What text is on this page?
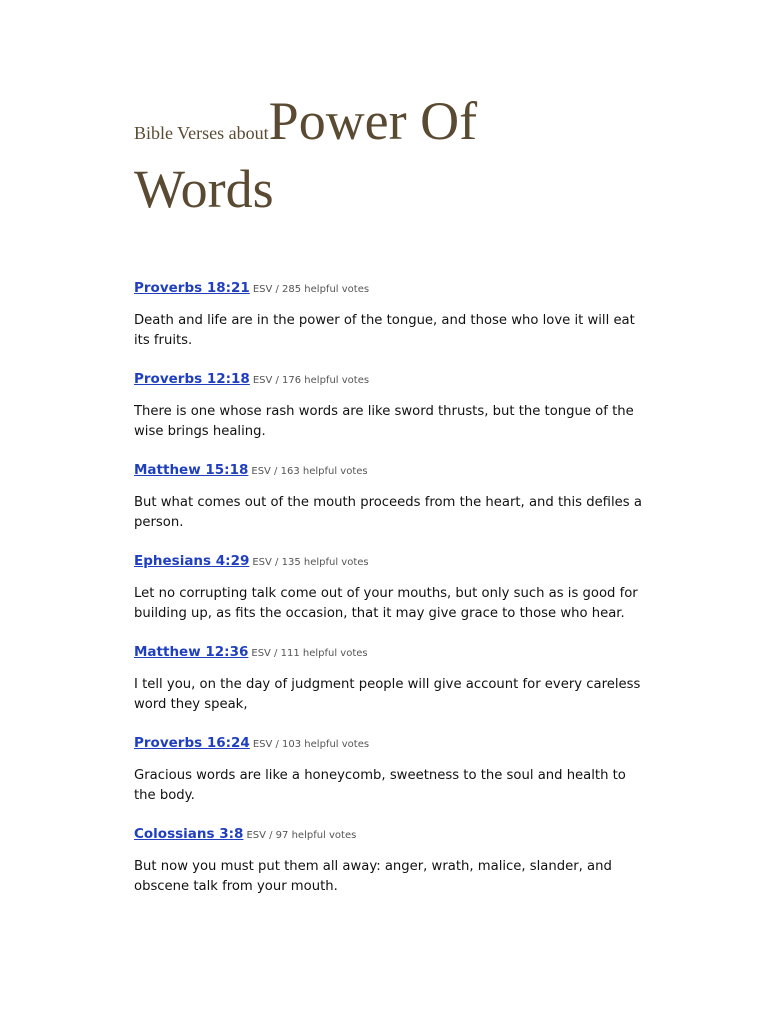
Bible Verses aboutPower Of
Words
Proverbs 18:21 ESV / 285 helpful votes

Death and life are in the power of the tongue, and those who love it will eat its fruits.

Proverbs 12:18 ESV / 176 helpful votes

There is one whose rash words are like sword thrusts, but the tongue of the wise brings healing.

Matthew 15:18 ESV / 163 helpful votes

But what comes out of the mouth proceeds from the heart, and this defiles a person.

Ephesians 4:29 ESV / 135 helpful votes

Let no corrupting talk come out of your mouths, but only such as is good for building up, as fits the occasion, that it may give grace to those who hear.

Matthew 12:36 ESV / 111 helpful votes

I tell you, on the day of judgment people will give account for every careless word they speak,

Proverbs 16:24 ESV / 103 helpful votes

Gracious words are like a honeycomb, sweetness to the soul and health to the body.

Colossians 3:8 ESV / 97 helpful votes

But now you must put them all away: anger, wrath, malice, slander, and obscene talk from your mouth.
